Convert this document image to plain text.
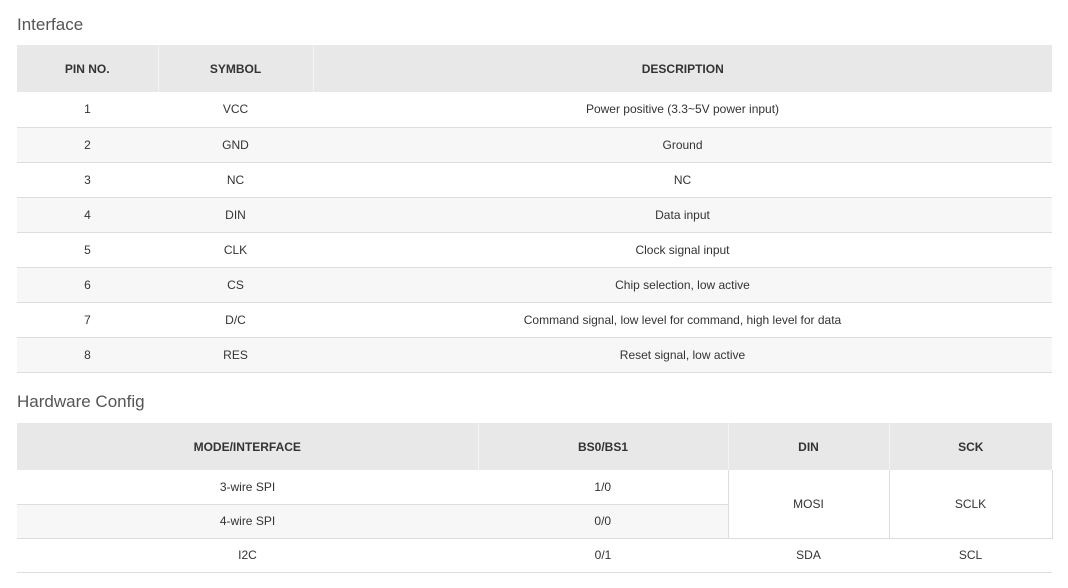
Interface
PIN NO.	SYMBOL	DESCRIPTION
1	VCC	Power positive (3.3~5V power input)
2	GND	Ground
3	NC	NC
4	DIN	Data input
5	CLK	Clock signal input
6	CS	Chip selection, low active
7	D/C	Command signal, low level for command, high level for data
8	RES	Reset signal, low active
Hardware Config
MODE/INTERFACE	BS0/BS1	DIN	SCK
3-wire SPI	1/0	MOSI	SCLK
4-wire SPI	0/0		
I2C	0/1	SDA	SCL
